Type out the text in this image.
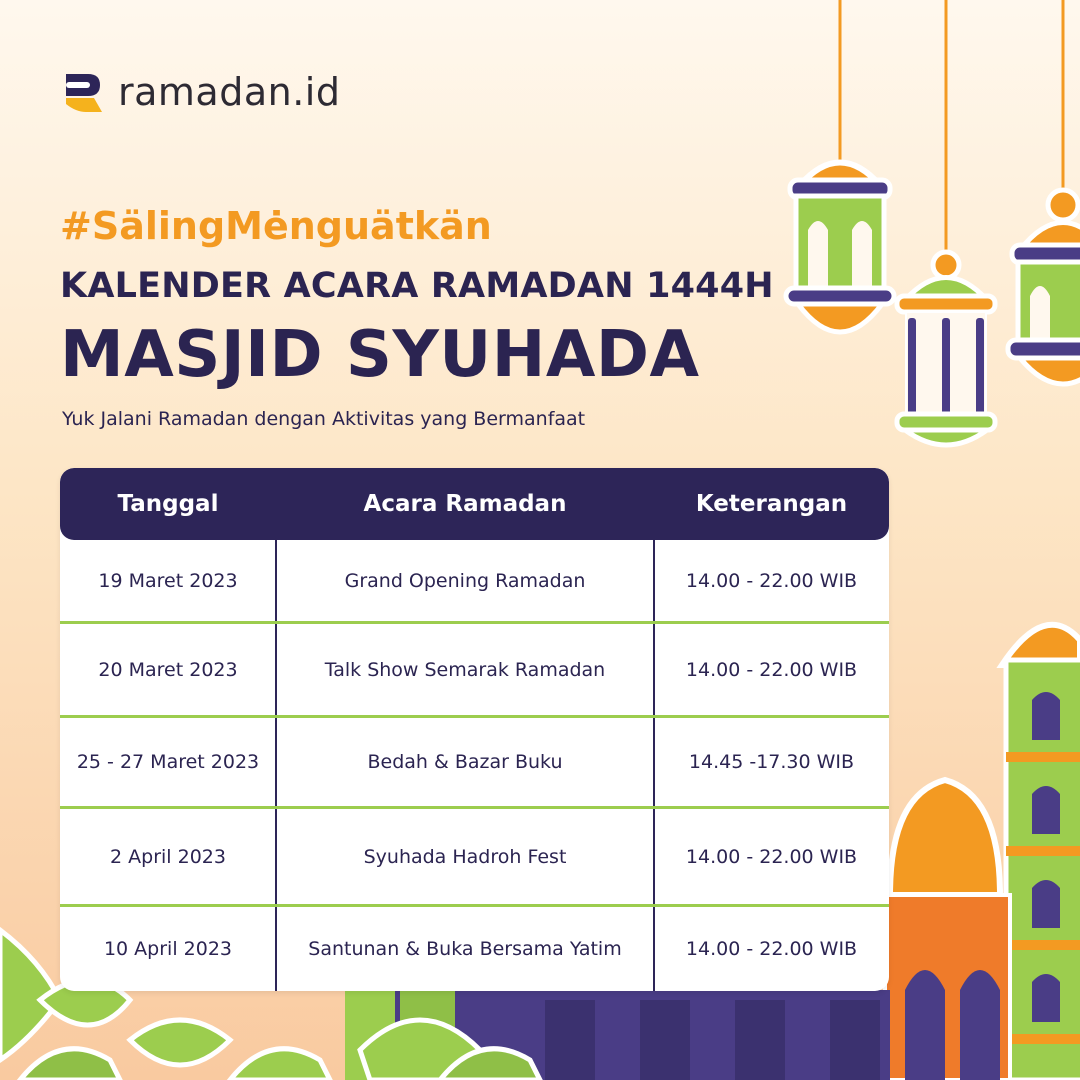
ramadan.id
#SälingMėnguätkän
KALENDER ACARA RAMADAN 1444H
MASJID SYUHADA
Yuk Jalani Ramadan dengan Aktivitas yang Bermanfaat
Tanggal	Acara Ramadan	Keterangan
19 Maret 2023	Grand Opening Ramadan	14.00 - 22.00 WIB
20 Maret 2023	Talk Show Semarak Ramadan	14.00 - 22.00 WIB
25 - 27 Maret 2023	Bedah & Bazar Buku	14.45 -17.30 WIB
2 April 2023	Syuhada Hadroh Fest	14.00 - 22.00 WIB
10 April 2023	Santunan & Buka Bersama Yatim	14.00 - 22.00 WIB
